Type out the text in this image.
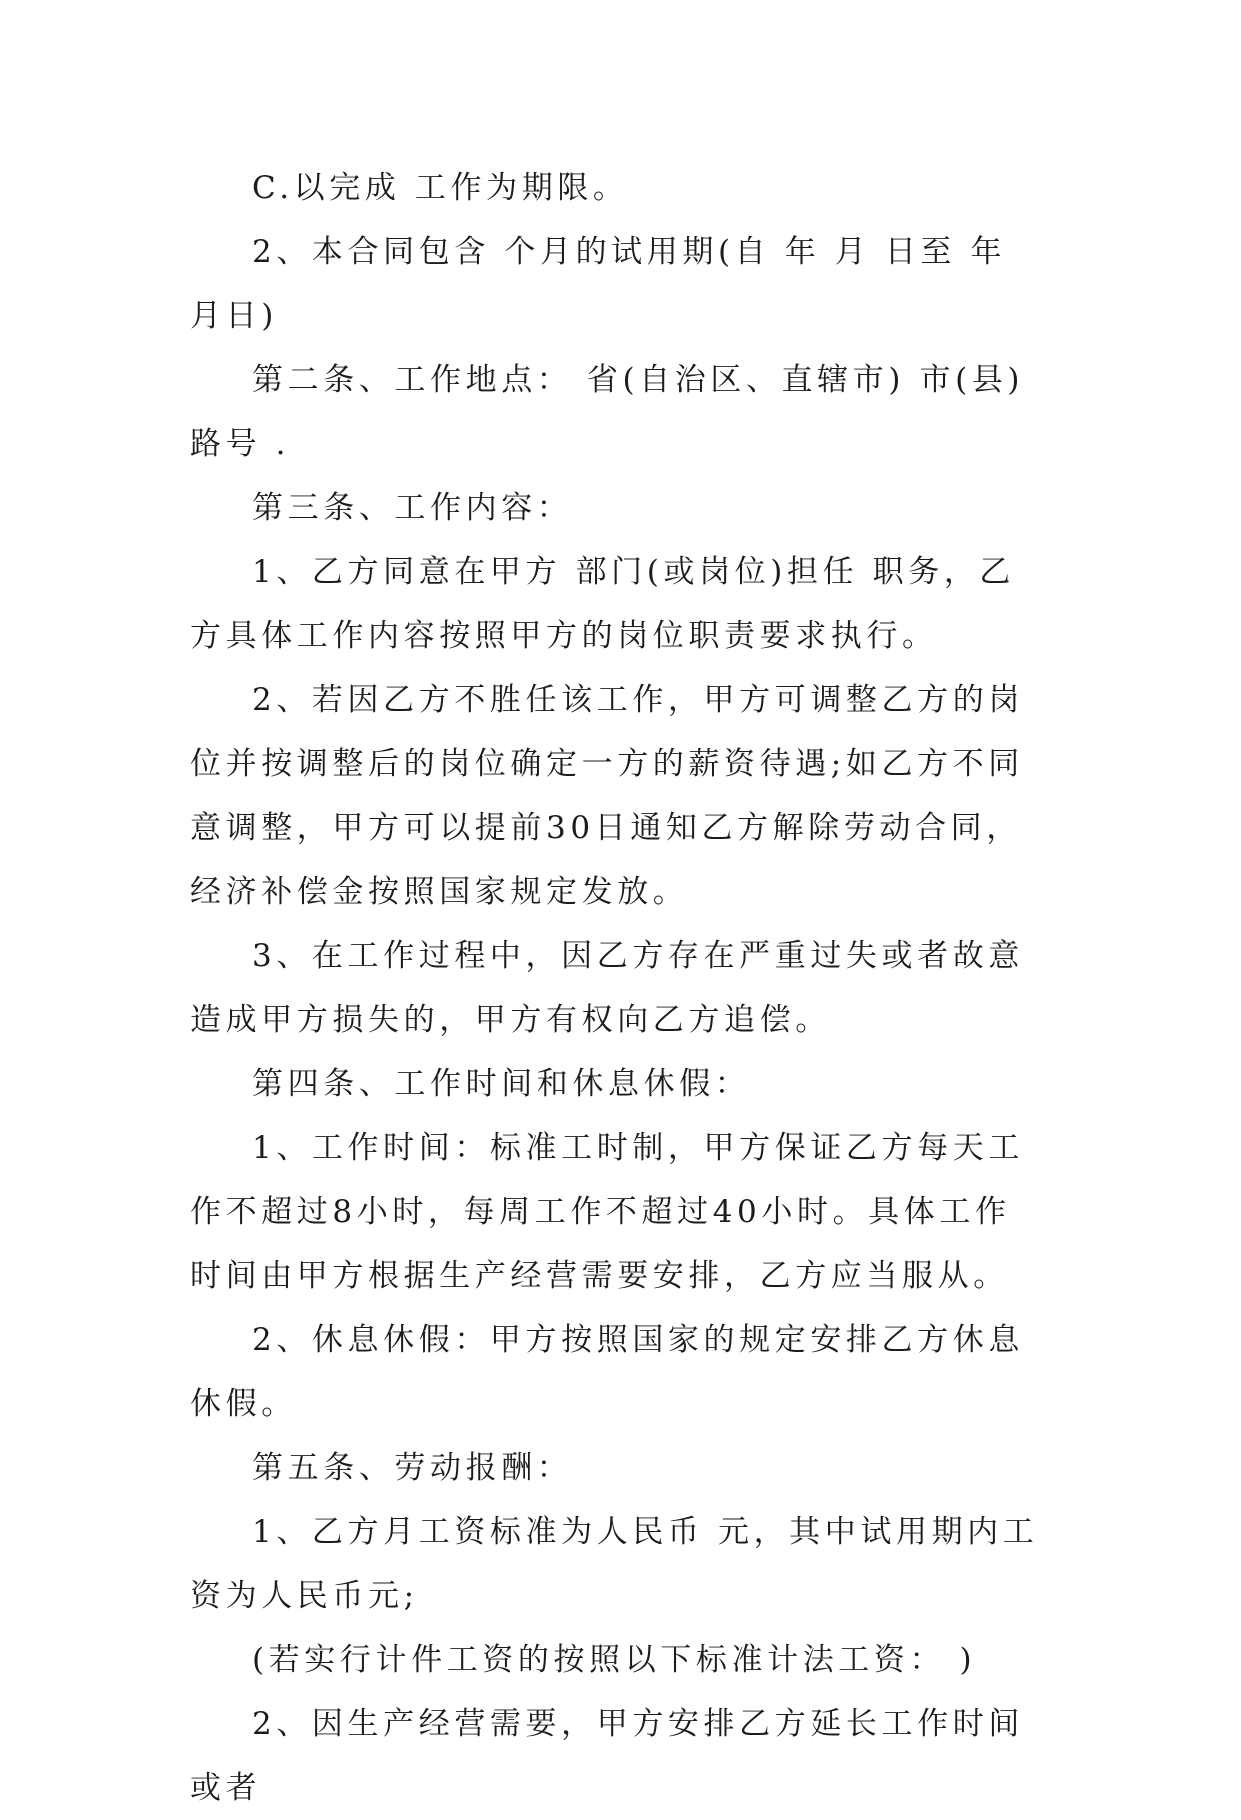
C.以完成 工作为期限。

2、本合同包含 个月的试用期(自 年 月 日至 年 月日)

第二条、工作地点： 省(自治区、直辖市) 市(县) 路号 .

第三条、工作内容：

1、乙方同意在甲方 部门(或岗位)担任 职务，乙方具体工作内容按照甲方的岗位职责要求执行。

2、若因乙方不胜任该工作，甲方可调整乙方的岗位并按调整后的岗位确定一方的薪资待遇;如乙方不同意调整，甲方可以提前30日通知乙方解除劳动合同，经济补偿金按照国家规定发放。

3、在工作过程中，因乙方存在严重过失或者故意造成甲方损失的，甲方有权向乙方追偿。

第四条、工作时间和休息休假：

1、工作时间：标准工时制，甲方保证乙方每天工作不超过8小时，每周工作不超过40小时。具体工作时间由甲方根据生产经营需要安排，乙方应当服从。

2、休息休假：甲方按照国家的规定安排乙方休息休假。

第五条、劳动报酬：

1、乙方月工资标准为人民币 元，其中试用期内工资为人民币元;

(若实行计件工资的按照以下标准计法工资： )

2、因生产经营需要，甲方安排乙方延长工作时间或者
